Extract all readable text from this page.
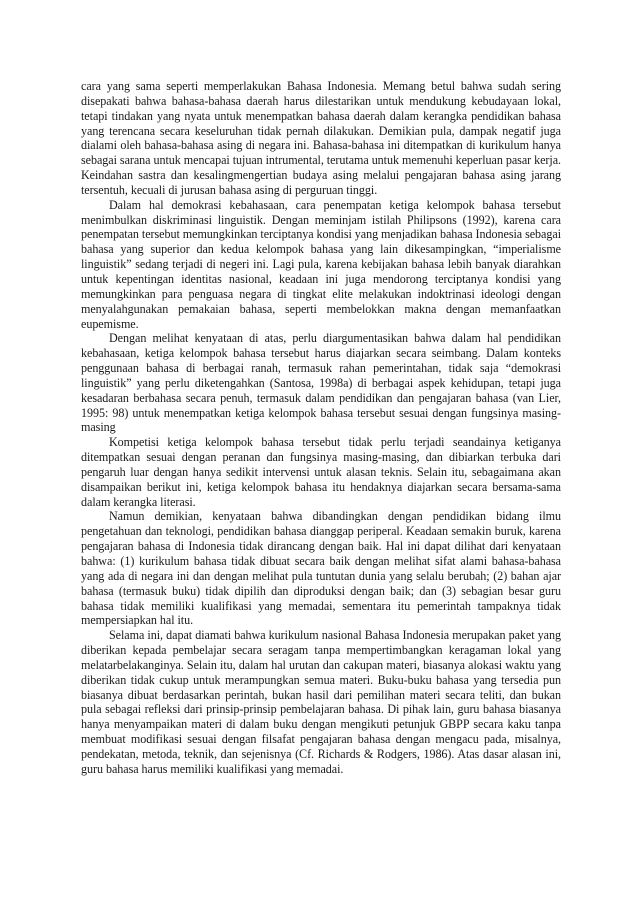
cara yang sama seperti memperlakukan Bahasa Indonesia. Memang betul bahwa sudah sering disepakati bahwa bahasa-bahasa daerah harus dilestarikan untuk mendukung kebudayaan lokal, tetapi tindakan yang nyata untuk menempatkan bahasa daerah dalam kerangka pendidikan bahasa yang terencana secara keseluruhan tidak pernah dilakukan. Demikian pula, dampak negatif juga dialami oleh bahasa-bahasa asing di negara ini. Bahasa-bahasa ini ditempatkan di kurikulum hanya sebagai sarana untuk mencapai tujuan intrumental, terutama untuk memenuhi keperluan pasar kerja. Keindahan sastra dan kesalingmengertian budaya asing melalui pengajaran bahasa asing jarang tersentuh, kecuali di jurusan bahasa asing di perguruan tinggi.

Dalam hal demokrasi kebahasaan, cara penempatan ketiga kelompok bahasa tersebut menimbulkan diskriminasi linguistik. Dengan meminjam istilah Philipsons (1992), karena cara penempatan tersebut memungkinkan terciptanya kondisi yang menjadikan bahasa Indonesia sebagai bahasa yang superior dan kedua kelompok bahasa yang lain dikesampingkan, “imperialisme linguistik” sedang terjadi di negeri ini. Lagi pula, karena kebijakan bahasa lebih banyak diarahkan untuk kepentingan identitas nasional, keadaan ini juga mendorong terciptanya kondisi yang memungkinkan para penguasa negara di tingkat elite melakukan indoktrinasi ideologi dengan menyalahgunakan pemakaian bahasa, seperti membelokkan makna dengan memanfaatkan eupemisme.

Dengan melihat kenyataan di atas, perlu diargumentasikan bahwa dalam hal pendidikan kebahasaan, ketiga kelompok bahasa tersebut harus diajarkan secara seimbang. Dalam konteks penggunaan bahasa di berbagai ranah, termasuk rahan pemerintahan, tidak saja “demokrasi linguistik” yang perlu diketengahkan (Santosa, 1998a) di berbagai aspek kehidupan, tetapi juga kesadaran berbahasa secara penuh, termasuk dalam pendidikan dan pengajaran bahasa (van Lier, 1995: 98) untuk menempatkan ketiga kelompok bahasa tersebut sesuai dengan fungsinya masing-masing

Kompetisi ketiga kelompok bahasa tersebut tidak perlu terjadi seandainya ketiganya ditempatkan sesuai dengan peranan dan fungsinya masing-masing, dan dibiarkan terbuka dari pengaruh luar dengan hanya sedikit intervensi untuk alasan teknis. Selain itu, sebagaimana akan disampaikan berikut ini, ketiga kelompok bahasa itu hendaknya diajarkan secara bersama-sama dalam kerangka literasi.

Namun demikian, kenyataan bahwa dibandingkan dengan pendidikan bidang ilmu pengetahuan dan teknologi, pendidikan bahasa dianggap periperal. Keadaan semakin buruk, karena pengajaran bahasa di Indonesia tidak dirancang dengan baik. Hal ini dapat dilihat dari kenyataan bahwa: (1) kurikulum bahasa tidak dibuat secara baik dengan melihat sifat alami bahasa-bahasa yang ada di negara ini dan dengan melihat pula tuntutan dunia yang selalu berubah; (2) bahan ajar bahasa (termasuk buku) tidak dipilih dan diproduksi dengan baik; dan (3) sebagian besar guru bahasa tidak memiliki kualifikasi yang memadai, sementara itu pemerintah tampaknya tidak mempersiapkan hal itu.

Selama ini, dapat diamati bahwa kurikulum nasional Bahasa Indonesia merupakan paket yang diberikan kepada pembelajar secara seragam tanpa mempertimbangkan keragaman lokal yang melatarbelakanginya. Selain itu, dalam hal urutan dan cakupan materi, biasanya alokasi waktu yang diberikan tidak cukup untuk merampungkan semua materi. Buku-buku bahasa yang tersedia pun biasanya dibuat berdasarkan perintah, bukan hasil dari pemilihan materi secara teliti, dan bukan pula sebagai refleksi dari prinsip-prinsip pembelajaran bahasa. Di pihak lain, guru bahasa biasanya hanya menyampaikan materi di dalam buku dengan mengikuti petunjuk GBPP secara kaku tanpa membuat modifikasi sesuai dengan filsafat pengajaran bahasa dengan mengacu pada, misalnya, pendekatan, metoda, teknik, dan sejenisnya (Cf. Richards & Rodgers, 1986). Atas dasar alasan ini, guru bahasa harus memiliki kualifikasi yang memadai.
